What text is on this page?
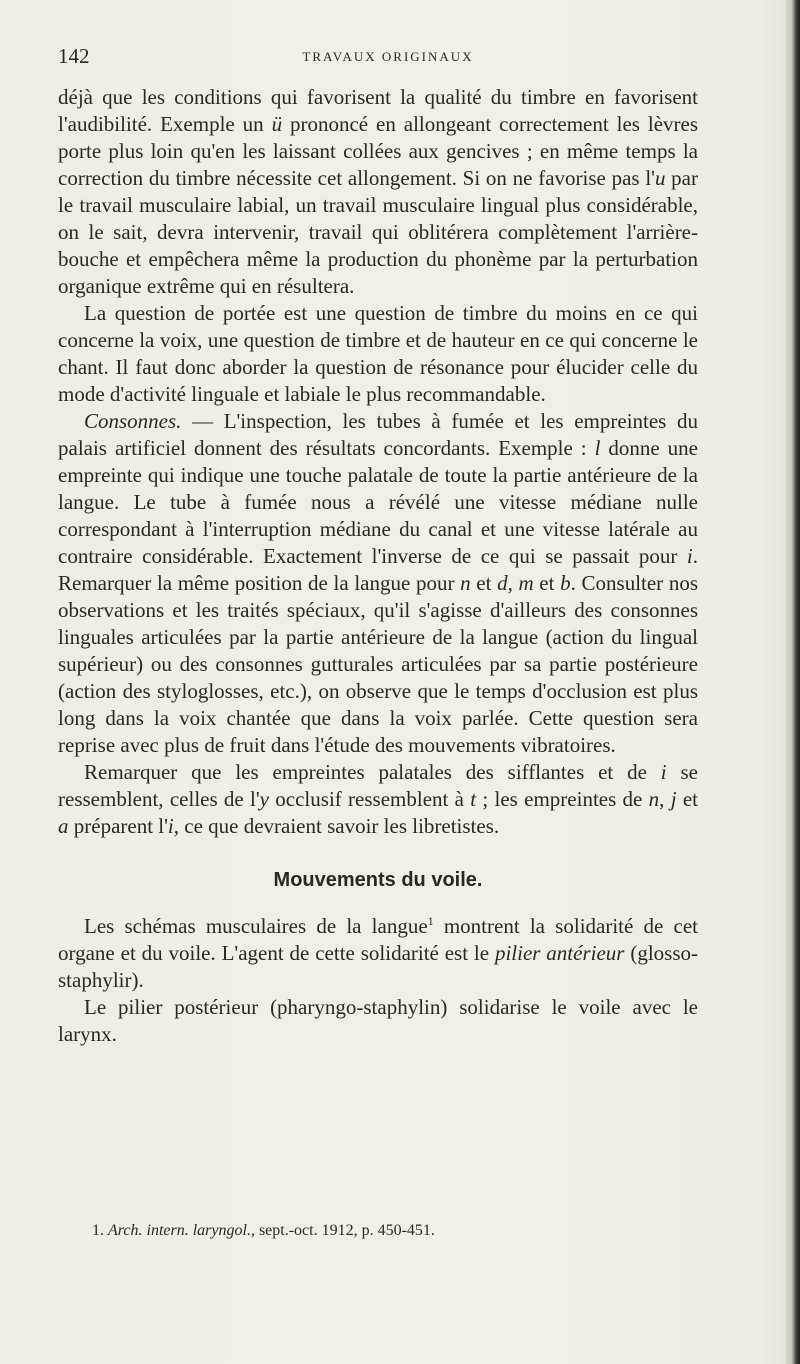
142	TRAVAUX ORIGINAUX

déjà que les conditions qui favorisent la qualité du timbre en favorisent l'audibilité. Exemple un ü prononcé en allongeant correctement les lèvres porte plus loin qu'en les laissant collées aux gencives ; en même temps la correction du timbre nécessite cet allongement. Si on ne favorise pas l'u par le travail musculaire labial, un travail musculaire lingual plus considérable, on le sait, devra intervenir, travail qui oblitérera complètement l'arrière-bouche et empêchera même la production du phonème par la perturbation organique extrême qui en résultera.

La question de portée est une question de timbre du moins en ce qui concerne la voix, une question de timbre et de hauteur en ce qui concerne le chant. Il faut donc aborder la question de résonance pour élucider celle du mode d'activité linguale et labiale le plus recommandable.

Consonnes. — L'inspection, les tubes à fumée et les empreintes du palais artificiel donnent des résultats concordants. Exemple : l donne une empreinte qui indique une touche palatale de toute la partie antérieure de la langue. Le tube à fumée nous a révélé une vitesse médiane nulle correspondant à l'interruption médiane du canal et une vitesse latérale au contraire considérable. Exactement l'inverse de ce qui se passait pour i. Remarquer la même position de la langue pour n et d, m et b. Consulter nos observations et les traités spéciaux, qu'il s'agisse d'ailleurs des consonnes linguales articulées par la partie antérieure de la langue (action du lingual supérieur) ou des consonnes gutturales articulées par sa partie postérieure (action des styloglosses, etc.), on observe que le temps d'occlusion est plus long dans la voix chantée que dans la voix parlée. Cette question sera reprise avec plus de fruit dans l'étude des mouvements vibratoires.

Remarquer que les empreintes palatales des sifflantes et de i se ressemblent, celles de l'y occlusif ressemblent à t ; les empreintes de n, j et a préparent l'i, ce que devraient savoir les libretistes.

Mouvements du voile.

Les schémas musculaires de la langue$^1$ montrent la solidarité de cet organe et du voile. L'agent de cette solidarité est le pilier antérieur (glosso-staphylir).

Le pilier postérieur (pharyngo-staphylin) solidarise le voile avec le larynx.

1. Arch. intern. laryngol., sept.-oct. 1912, p. 450-451.
